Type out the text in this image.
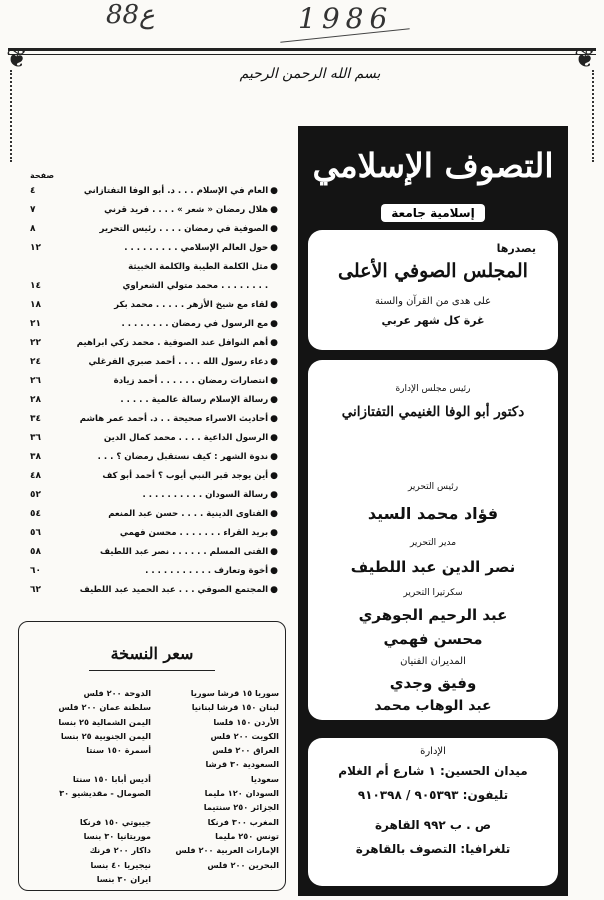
88ع	1986
❦	❦
بسم الله الرحمن الرحيم
التصوف الإسلامي
إسلامية جامعة
يصدرها
المجلس الصوفي الأعلى
على هدى من القرآن والسنة
غرة كل شهر عربي
رئيس مجلس الإدارة
دكتور أبو الوفا الغنيمي التفتازاني
رئيس التحرير
فؤاد محمد السيد
مدير التحرير
نصر الدين عبد اللطيف
سكرتيرا التحرير
عبد الرحيم الجوهري
محسن فهمي
المديران الفنيان
وفيق وجدي
عبد الوهاب محمد
الإدارة
ميدان الحسين: ١ شارع أم الغلام
تليفون: ٩٠٥٣٩٣ / ٩١٠٣٩٨
ص . ب ٩٩٢ القاهرة
تلغرافيا: التصوف بالقاهرة
صفحة
●
العام في الإسلام . . . د. أبو الوفا التفتازاني
٤
●
هلال رمضان « شعر » . . . . فريد قرني
٧
●
الصوفية في رمضان . . . . رئيس التحرير
٨
●
حول العالم الإسلامي . . . . . . . . .
١٢
●
مثل الكلمة الطيبة والكلمة الخبيثة
. . . . . . . . محمد متولي الشعراوي
١٤
●
لقاء مع شيخ الأزهر . . . . . محمد بكر
١٨
●
مع الرسول في رمضان . . . . . . . .
٢١
●
أهم النوافل عند الصوفية . محمد زكي ابراهيم
٢٢
●
دعاء رسول الله . . . . أحمد صبري الفرغلي
٢٤
●
انتصارات رمضان . . . . . . أحمد زيادة
٢٦
●
رسالة الإسلام رسالة عالمية . . . . .
٢٨
●
أحاديث الاسراء صحيحة . . د. أحمد عمر هاشم
٣٤
●
الرسول الداعية . . . . محمد كمال الدين
٣٦
●
ندوة الشهر : كيف نستقبل رمضان ؟ . . .
٣٨
●
أين يوجد قبر النبي أيوب ؟ أحمد أبو كف
٤٨
●
رسالة السودان . . . . . . . . . .
٥٢
●
الفتاوى الدينية . . . . حسن عبد المنعم
٥٤
●
بريد القراء . . . . . . . محسن فهمي
٥٦
●
الفتى المسلم . . . . . . نصر عبد اللطيف
٥٨
●
أخوة وتعارف . . . . . . . . . . .
٦٠
●
المجتمع الصوفي . . . عبد الحميد عبد اللطيف
٦٢
سعر النسخة
سوريا ١٥ قرشا سوريا
لبنان ١٥٠ قرشا لبنانيا
الأردن ١٥٠ فلسا
الكويت ٢٠٠ فلس
العراق ٢٠٠ فلس
السعودية ٣٠ قرشا
سعوديا
السودان ١٢٠ مليما
الجزائر ٢٥٠ سنتيما
المغرب ٣٠٠ فرنكا
تونس ٢٥٠ مليما
الإمارات العربية ٢٠٠ فلس
البحرين ٢٠٠ فلس
الدوحة ٢٠٠ فلس
سلطنة عمان ٢٠٠ فلس
اليمن الشمالية ٢٥ بنسا
اليمن الجنوبية ٢٥ بنسا
أسمرة ١٥٠ سنتا
أديس أبابا ١٥٠ سنتا
الصومال - مقديشيو ٣٠
جيبوتي ١٥٠ فرنكا
موريتانيا ٣٠ بنسا
داكار ٢٠٠ فرنك
نيجيريا ٤٠ بنسا
ايران ٣٠ بنسا
